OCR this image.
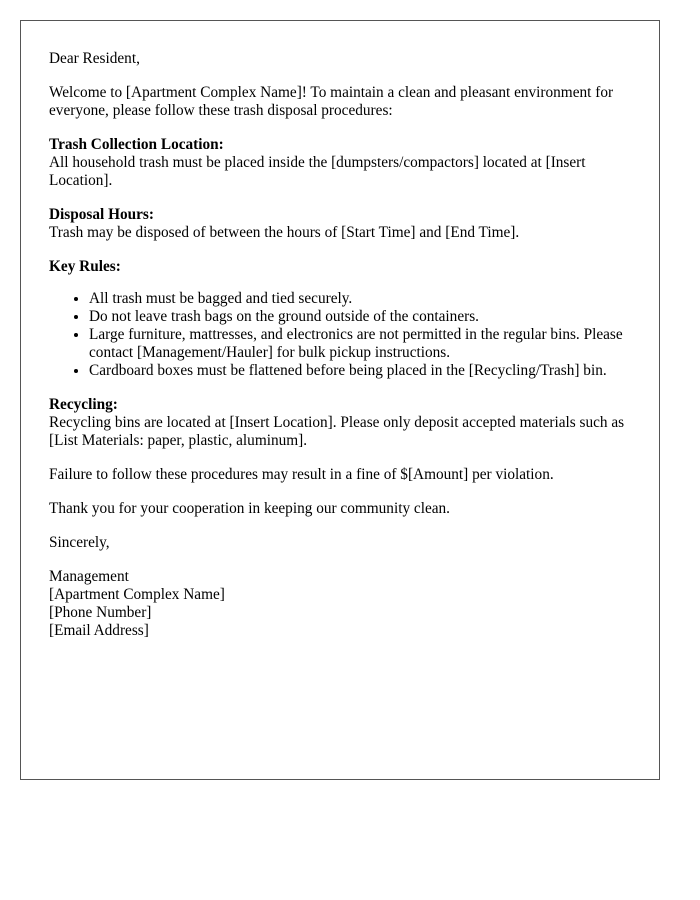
Dear Resident,

Welcome to [Apartment Complex Name]! To maintain a clean and pleasant environment for everyone, please follow these trash disposal procedures:

Trash Collection Location:
All household trash must be placed inside the [dumpsters/compactors] located at [Insert Location].
Disposal Hours:
Trash may be disposed of between the hours of [Start Time] and [End Time].
Key Rules:
• All trash must be bagged and tied securely.
• Do not leave trash bags on the ground outside of the containers.
• Large furniture, mattresses, and electronics are not permitted in the regular bins. Please contact [Management/Hauler] for bulk pickup instructions.
• Cardboard boxes must be flattened before being placed in the [Recycling/Trash] bin.
Recycling:
Recycling bins are located at [Insert Location]. Please only deposit accepted materials such as [List Materials: paper, plastic, aluminum].

Failure to follow these procedures may result in a fine of $[Amount] per violation.

Thank you for your cooperation in keeping our community clean.

Sincerely,

Management
[Apartment Complex Name]
[Phone Number]
[Email Address]
